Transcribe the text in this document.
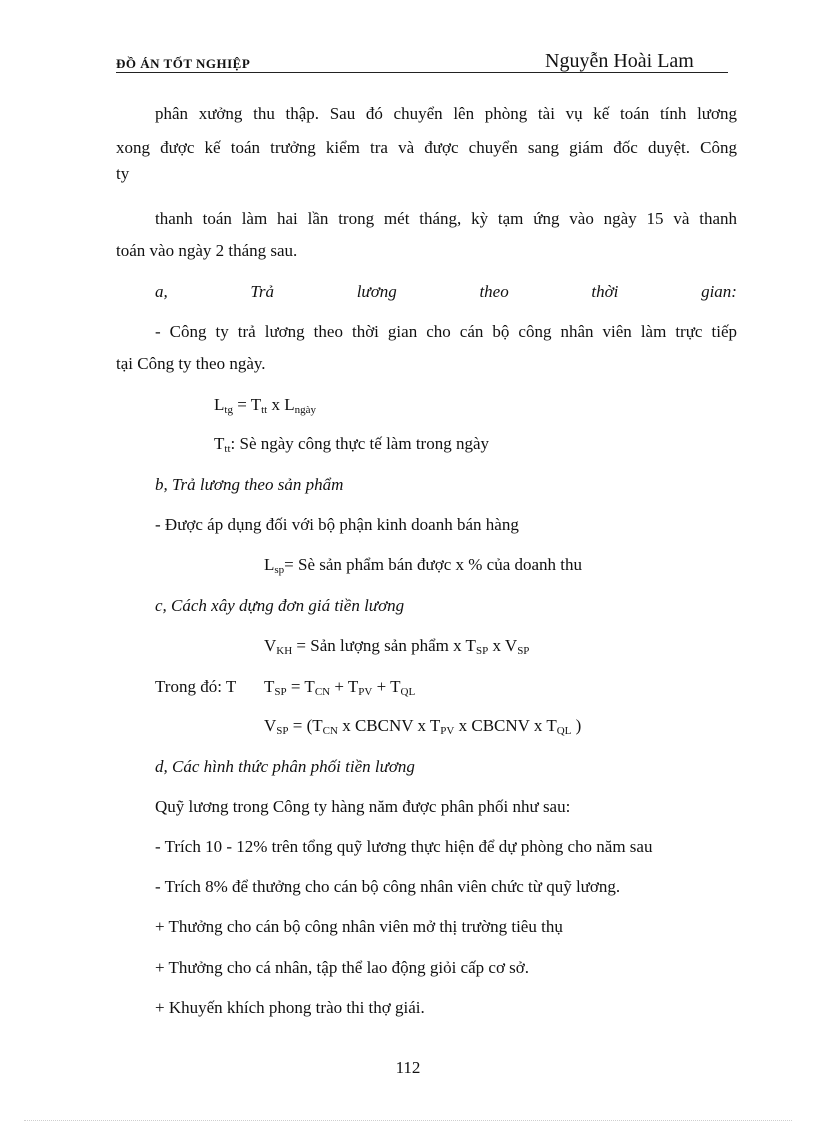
ĐỒ ÁN TỐT NGHIỆP	Nguyễn Hoài Lam
phân xưởng thu thập. Sau đó chuyển lên phòng tài vụ kế toán tính lương
xong được kế toán trưởng kiểm tra và được chuyển sang giám đốc duyệt. Công
ty
thanh toán làm hai lần trong mét tháng, kỳ tạm ứng vào ngày 15 và thanh
toán vào ngày 2 tháng sau.
a,	Trả	lương	theo	thời	gian:
- Công ty trả lương theo thời gian cho cán bộ công nhân viên làm trực tiếp
tại Công ty theo ngày.
$L_{tg} = T_{tt}$ x $L_{ngày}$
$T_{tt}$: Sè ngày công thực tế làm trong ngày
b, Trả lương theo sản phẩm
- Được áp dụng đối với bộ phận kinh doanh bán hàng
$L_{sp}=$ Sè sản phẩm bán được x % của doanh thu
c, Cách xây dựng đơn giá tiền lương
$V_{KH}$ = Sản lượng sản phẩm x $T_{SP}$ x $V_{SP}$
Trong đó: T $T_{SP} = T_{CN} + T_{PV} + T_{QL}$
$V_{SP} = (T_{CN}$ x CBCNV x $T_{PV}$ x CBCNV x $T_{QL}$ )
d, Các hình thức phân phối tiền lương
Quỹ lương trong Công ty hàng năm được phân phối như sau:
- Trích 10 - 12% trên tổng quỹ lương thực hiện để dự phòng cho năm sau
- Trích 8% để thưởng cho cán bộ công nhân viên chức từ quỹ lương.
+ Thưởng cho cán bộ công nhân viên mở thị trường tiêu thụ
+ Thưởng cho cá nhân, tập thể lao động giỏi cấp cơ sở.
+ Khuyến khích phong trào thi thợ giái.
112
